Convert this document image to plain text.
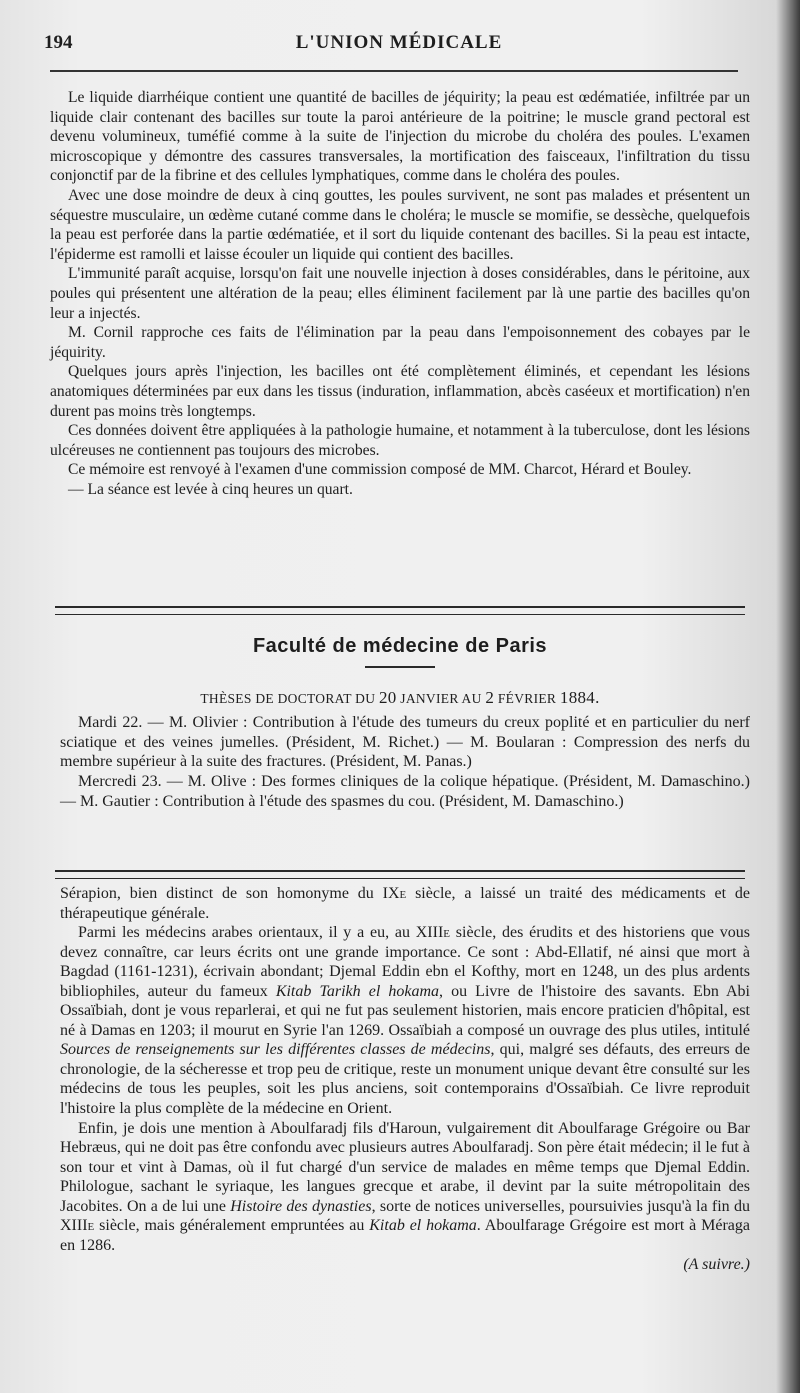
194	L'UNION MÉDICALE

Le liquide diarrhéique contient une quantité de bacilles de jéquirity; la peau est œdématiée, infiltrée par un liquide clair contenant des bacilles sur toute la paroi antérieure de la poitrine; le muscle grand pectoral est devenu volumineux, tuméfié comme à la suite de l'injection du microbe du choléra des poules. L'examen microscopique y démontre des cassures transversales, la mortification des faisceaux, l'infiltration du tissu conjonctif par de la fibrine et des cellules lymphatiques, comme dans le choléra des poules.

Avec une dose moindre de deux à cinq gouttes, les poules survivent, ne sont pas malades et présentent un séquestre musculaire, un œdème cutané comme dans le choléra; le muscle se momifie, se dessèche, quelquefois la peau est perforée dans la partie œdématiée, et il sort du liquide contenant des bacilles. Si la peau est intacte, l'épiderme est ramolli et laisse écouler un liquide qui contient des bacilles.

L'immunité paraît acquise, lorsqu'on fait une nouvelle injection à doses considérables, dans le péritoine, aux poules qui présentent une altération de la peau; elles éliminent facilement par là une partie des bacilles qu'on leur a injectés.

M. Cornil rapproche ces faits de l'élimination par la peau dans l'empoisonnement des cobayes par le jéquirity.

Quelques jours après l'injection, les bacilles ont été complètement éliminés, et cependant les lésions anatomiques déterminées par eux dans les tissus (induration, inflammation, abcès caséeux et mortification) n'en durent pas moins très longtemps.

Ces données doivent être appliquées à la pathologie humaine, et notamment à la tuberculose, dont les lésions ulcéreuses ne contiennent pas toujours des microbes.

Ce mémoire est renvoyé à l'examen d'une commission composé de MM. Charcot, Hérard et Bouley.

— La séance est levée à cinq heures un quart.

Faculté de médecine de Paris
THÈSES DE DOCTORAT DU 20 JANVIER AU 2 FÉVRIER 1884.

Mardi 22. — M. Olivier : Contribution à l'étude des tumeurs du creux poplité et en particulier du nerf sciatique et des veines jumelles. (Président, M. Richet.) — M. Boularan : Compression des nerfs du membre supérieur à la suite des fractures. (Président, M. Panas.)

Mercredi 23. — M. Olive : Des formes cliniques de la colique hépatique. (Président, M. Damaschino.) — M. Gautier : Contribution à l'étude des spasmes du cou. (Président, M. Damaschino.)

Sérapion, bien distinct de son homonyme du IXe siècle, a laissé un traité des médicaments et de thérapeutique générale.

Parmi les médecins arabes orientaux, il y a eu, au XIIIe siècle, des érudits et des historiens que vous devez connaître, car leurs écrits ont une grande importance. Ce sont : Abd-Ellatif, né ainsi que mort à Bagdad (1161-1231), écrivain abondant; Djemal Eddin ebn el Kofthy, mort en 1248, un des plus ardents bibliophiles, auteur du fameux Kitab Tarikh el hokama, ou Livre de l'histoire des savants. Ebn Abi Ossaïbiah, dont je vous reparlerai, et qui ne fut pas seulement historien, mais encore praticien d'hôpital, est né à Damas en 1203; il mourut en Syrie l'an 1269. Ossaïbiah a composé un ouvrage des plus utiles, intitulé Sources de renseignements sur les différentes classes de médecins, qui, malgré ses défauts, des erreurs de chronologie, de la sécheresse et trop peu de critique, reste un monument unique devant être consulté sur les médecins de tous les peuples, soit les plus anciens, soit contemporains d'Ossaïbiah. Ce livre reproduit l'histoire la plus complète de la médecine en Orient.

Enfin, je dois une mention à Aboulfaradj fils d'Haroun, vulgairement dit Aboulfarage Grégoire ou Bar Hebræus, qui ne doit pas être confondu avec plusieurs autres Aboulfaradj. Son père était médecin; il le fut à son tour et vint à Damas, où il fut chargé d'un service de malades en même temps que Djemal Eddin. Philologue, sachant le syriaque, les langues grecque et arabe, il devint par la suite métropolitain des Jacobites. On a de lui une Histoire des dynasties, sorte de notices universelles, poursuivies jusqu'à la fin du XIIIe siècle, mais généralement empruntées au Kitab el hokama. Aboulfarage Grégoire est mort à Méraga en 1286.

(A suivre.)
